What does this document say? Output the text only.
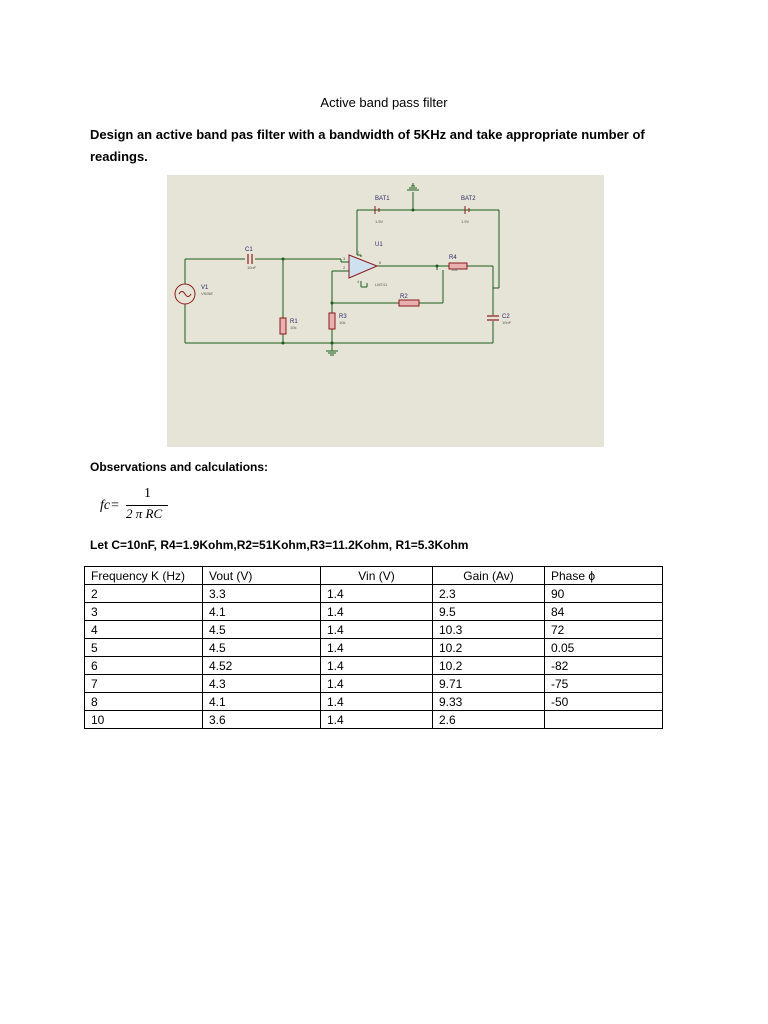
Active band pass filter
Design an active band pas filter with a bandwidth of 5KHz and take appropriate number of readings.
BAT1
1.5V
BAT2
1.5V
U1
LM741
C1
10nF
C2
10nF
R1
10k
R2
R3
10k
R4
10k
V1
VSINE
3
2
6
7
4
Observations and calculations:
fc=
1
2 π RC
Let C=10nF, R4=1.9Kohm,R2=51Kohm,R3=11.2Kohm, R1=5.3Kohm
Frequency K (Hz)	Vout (V)	Vin (V)	Gain (Av)	Phase ϕ
2	3.3	1.4	2.3	90
3	4.1	1.4	9.5	84
4	4.5	1.4	10.3	72
5	4.5	1.4	10.2	0.05
6	4.52	1.4	10.2	-82
7	4.3	1.4	9.71	-75
8	4.1	1.4	9.33	-50
10	3.6	1.4	2.6	
